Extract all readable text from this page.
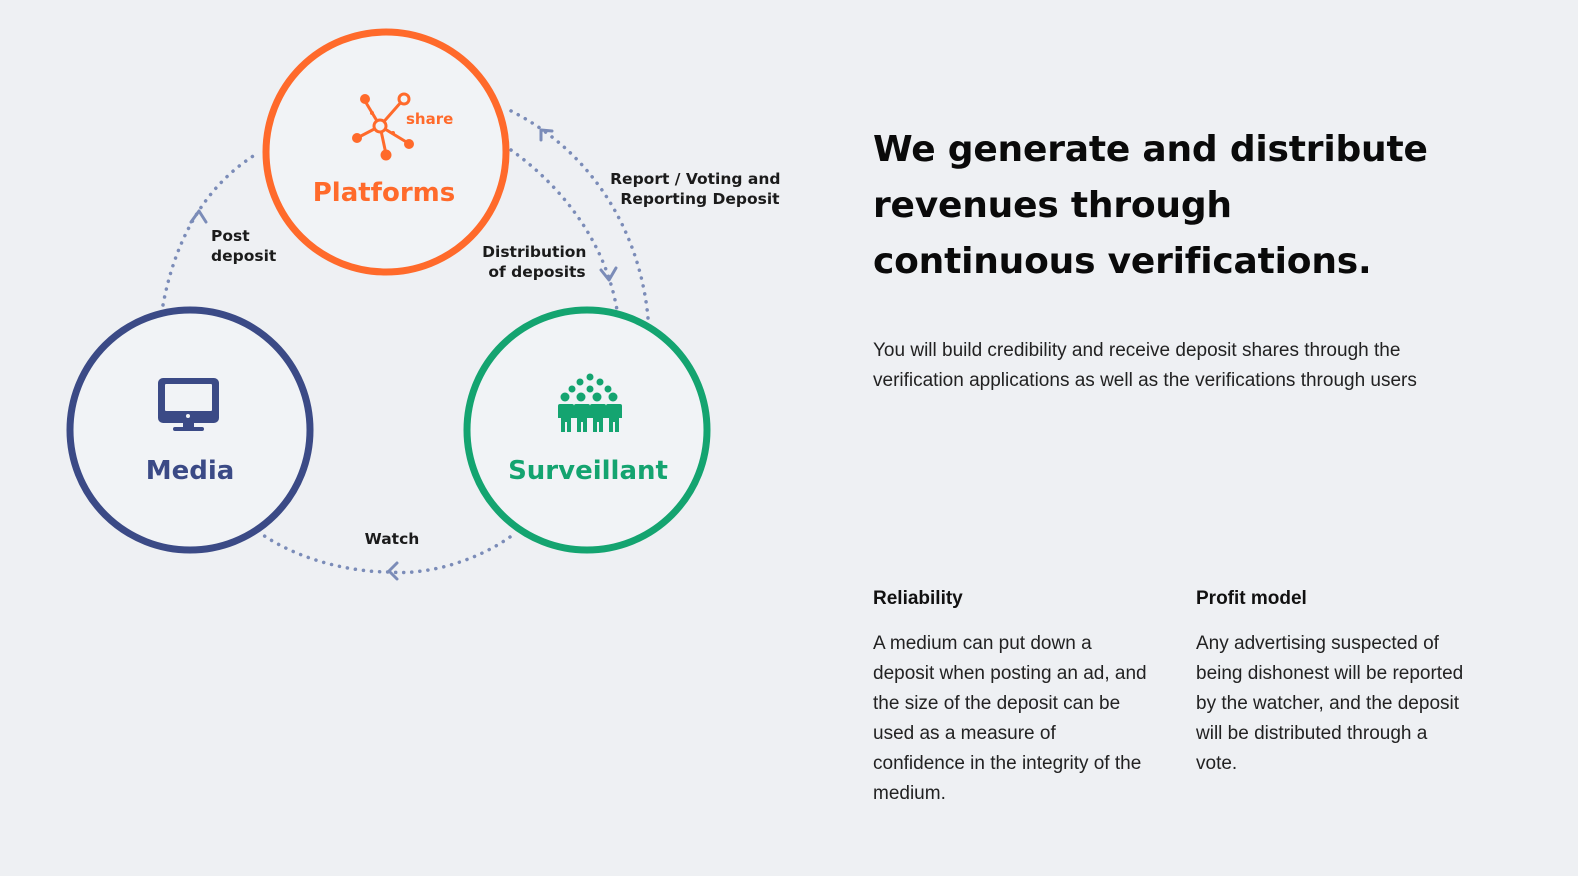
share
Platforms
Media	Surveillant
Post deposit
Report / Voting and Reporting Deposit
Distribution of deposits
Watch
We generate and distribute
revenues through
continuous verifications.

You will build credibility and receive deposit shares through the
verification applications as well as the verifications through users

Reliability

A medium can put down a
deposit when posting an ad, and
the size of the deposit can be
used as a measure of
confidence in the integrity of the
medium.

Profit model

Any advertising suspected of
being dishonest will be reported
by the watcher, and the deposit
will be distributed through a
vote.
